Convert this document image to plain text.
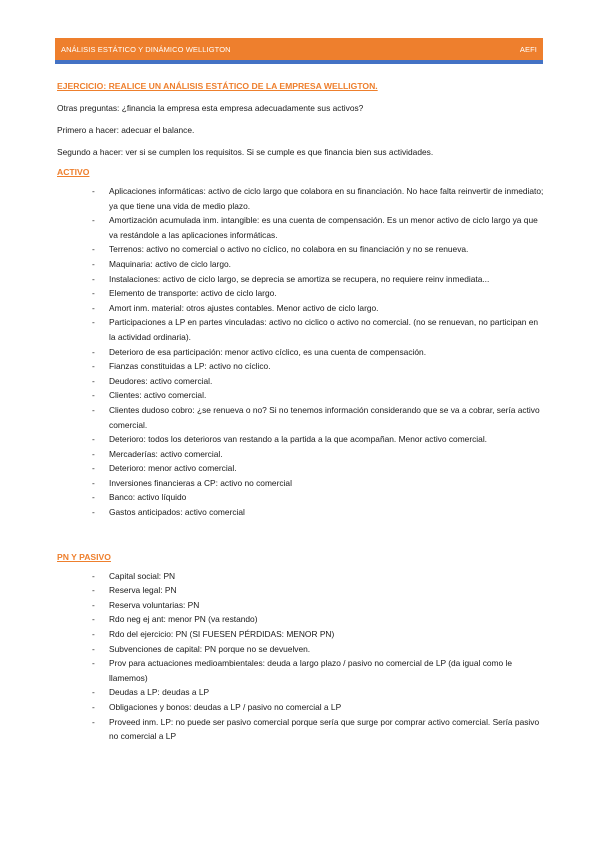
ANÁLISIS ESTÁTICO Y DINÁMICO WELLIGTON	AEFI

EJERCICIO: REALICE UN ANÁLISIS ESTÁTICO DE LA EMPRESA WELLIGTON.

Otras preguntas: ¿financia la empresa esta empresa adecuadamente sus activos?

Primero a hacer: adecuar el balance.

Segundo a hacer: ver si se cumplen los requisitos. Si se cumple es que financia bien sus actividades.

ACTIVO

- Aplicaciones informáticas: activo de ciclo largo que colabora en su financiación. No hace falta reinvertir de inmediato; ya que tiene una vida de medio plazo.
- Amortización acumulada inm. intangible: es una cuenta de compensación. Es un menor activo de ciclo largo ya que va restándole a las aplicaciones informáticas.
- Terrenos: activo no comercial o activo no cíclico, no colabora en su financiación y no se renueva.
- Maquinaria: activo de ciclo largo.
- Instalaciones: activo de ciclo largo, se deprecia se amortiza se recupera, no requiere reinv inmediata...
- Elemento de transporte: activo de ciclo largo.
- Amort inm. material: otros ajustes contables. Menor activo de ciclo largo.
- Participaciones a LP en partes vinculadas: activo no ciclico o activo no comercial. (no se renuevan, no participan en la actividad ordinaria).
- Deterioro de esa participación: menor activo cíclico, es una cuenta de compensación.
- Fianzas constituidas a LP: activo no cíclico.
- Deudores: activo comercial.
- Clientes: activo comercial.
- Clientes dudoso cobro: ¿se renueva o no? Si no tenemos información considerando que se va a cobrar, sería activo comercial.
- Deterioro: todos los deterioros van restando a la partida a la que acompañan. Menor activo comercial.
- Mercaderías: activo comercial.
- Deterioro: menor activo comercial.
- Inversiones financieras a CP: activo no comercial
- Banco: activo líquido
- Gastos anticipados: activo comercial

PN Y PASIVO

- Capital social: PN
- Reserva legal: PN
- Reserva voluntarias: PN
- Rdo neg ej ant: menor PN (va restando)
- Rdo del ejercicio: PN (SI FUESEN PÉRDIDAS: MENOR PN)
- Subvenciones de capital: PN porque no se devuelven.
- Prov para actuaciones medioambientales: deuda a largo plazo / pasivo no comercial de LP (da igual como le llamemos)
- Deudas a LP: deudas a LP
- Obligaciones y bonos: deudas a LP / pasivo no comercial a LP
- Proveed inm. LP: no puede ser pasivo comercial porque sería que surge por comprar activo comercial. Sería pasivo no comercial a LP
